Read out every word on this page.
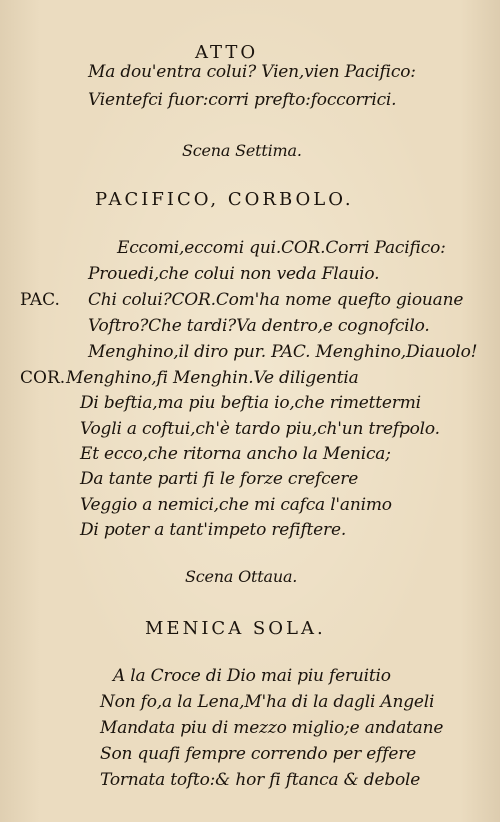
ATTO
Ma dou'entra colui? Vien,vien Pacifico:
Vientefci fuor:corri prefto:foccorrici.
Scena Settima.
PACIFICO, CORBOLO.
Eccomi,eccomi qui.COR.Corri Pacifico:
Prouedi,che colui non veda Flauio.
PAC. Chi colui?COR.Com'ha nome quefto giouane
Voftro?Che tardi?Va dentro,e cognofcilo.
Menghino,il diro pur. PAC. Menghino,Diauolo!
COR. Menghino,fi Menghin.Ve diligentia
Di beftia,ma piu beftia io,che rimettermi
Vogli a coftui,ch'è tardo piu,ch'un trefpolo.
Et ecco,che ritorna ancho la Menica;
Da tante parti fi le forze crefcere
Veggio a nemici,che mi cafca l'animo
Di poter a tant'impeto refiftere.
Scena Ottaua.
MENICA SOLA.
A la Croce di Dio mai piu feruitio
Non fo,a la Lena,M'ha di la dagli Angeli
Mandata piu di mezzo miglio;e andatane
Son quafi fempre correndo per effere
Tornata tofto:& hor fi ftanca & debole
